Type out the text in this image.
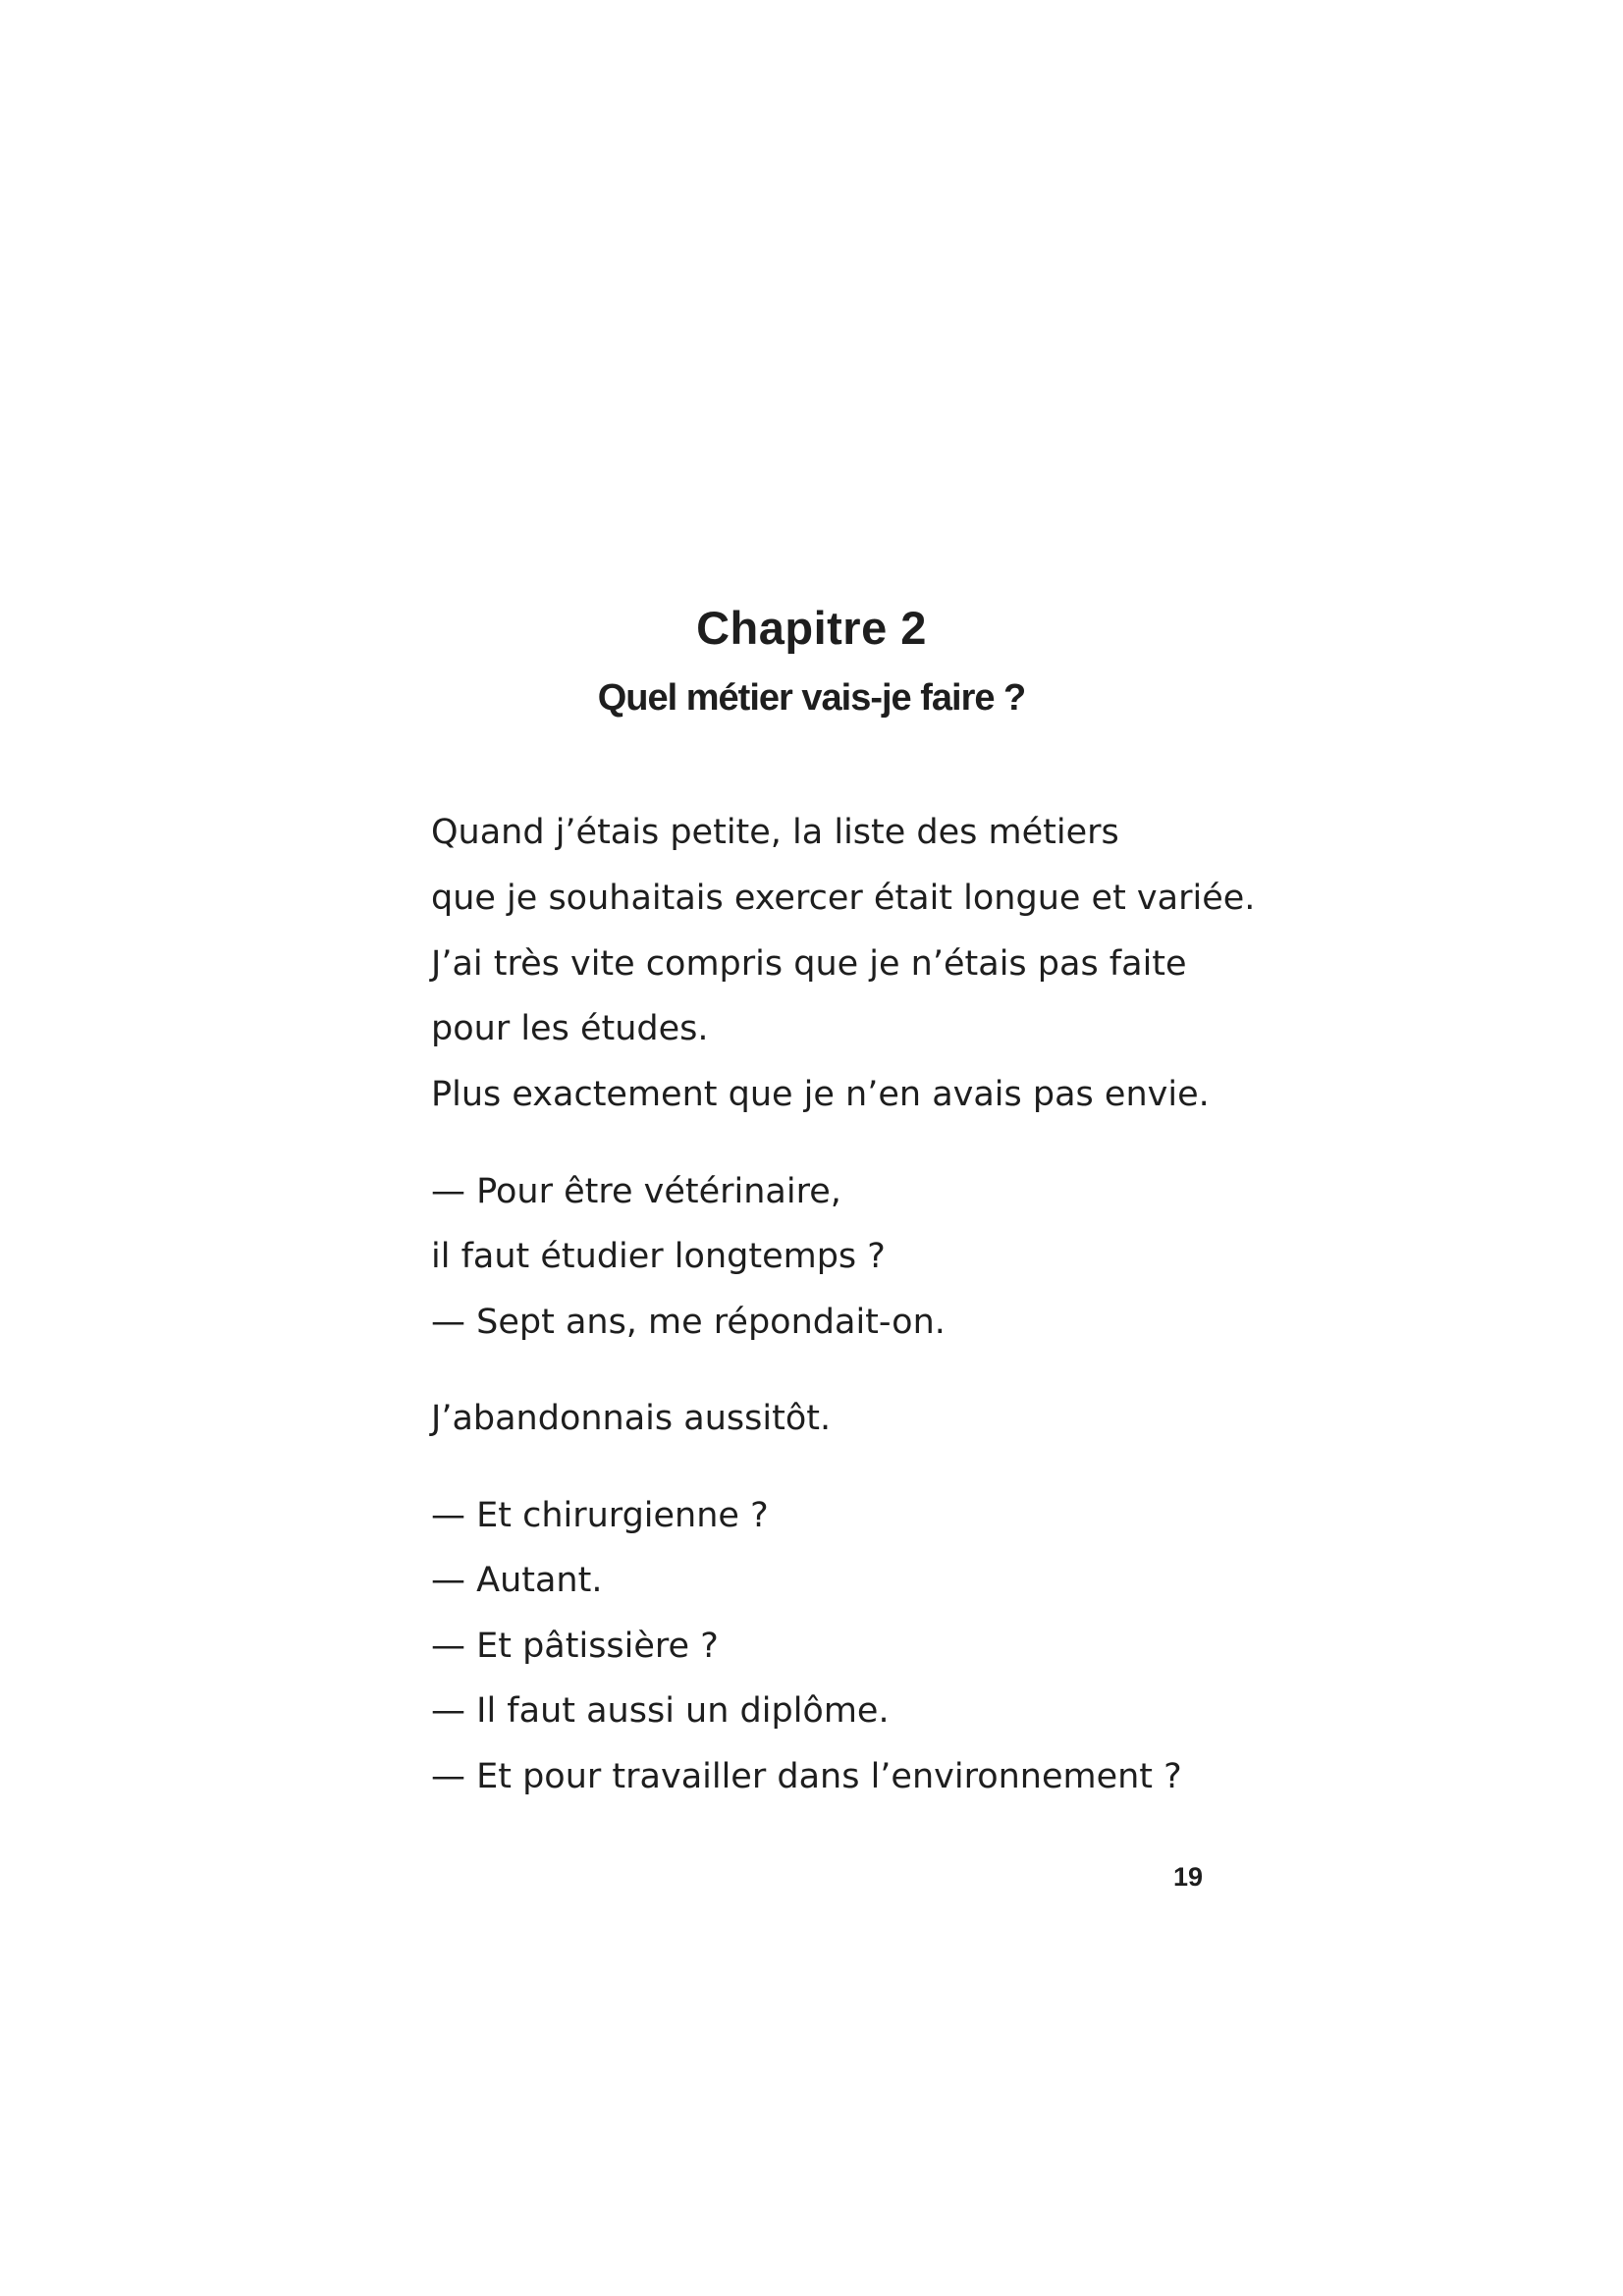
Chapitre 2
Quel métier vais-je faire ?
Quand j’étais petite, la liste des métiers
que je souhaitais exercer était longue et variée.
J’ai très vite compris que je n’étais pas faite
pour les études.
Plus exactement que je n’en avais pas envie.
— Pour être vétérinaire,
il faut étudier longtemps ?
— Sept ans, me répondait-on.
J’abandonnais aussitôt.
— Et chirurgienne ?
— Autant.
— Et pâtissière ?
— Il faut aussi un diplôme.
— Et pour travailler dans l’environnement ?
19
